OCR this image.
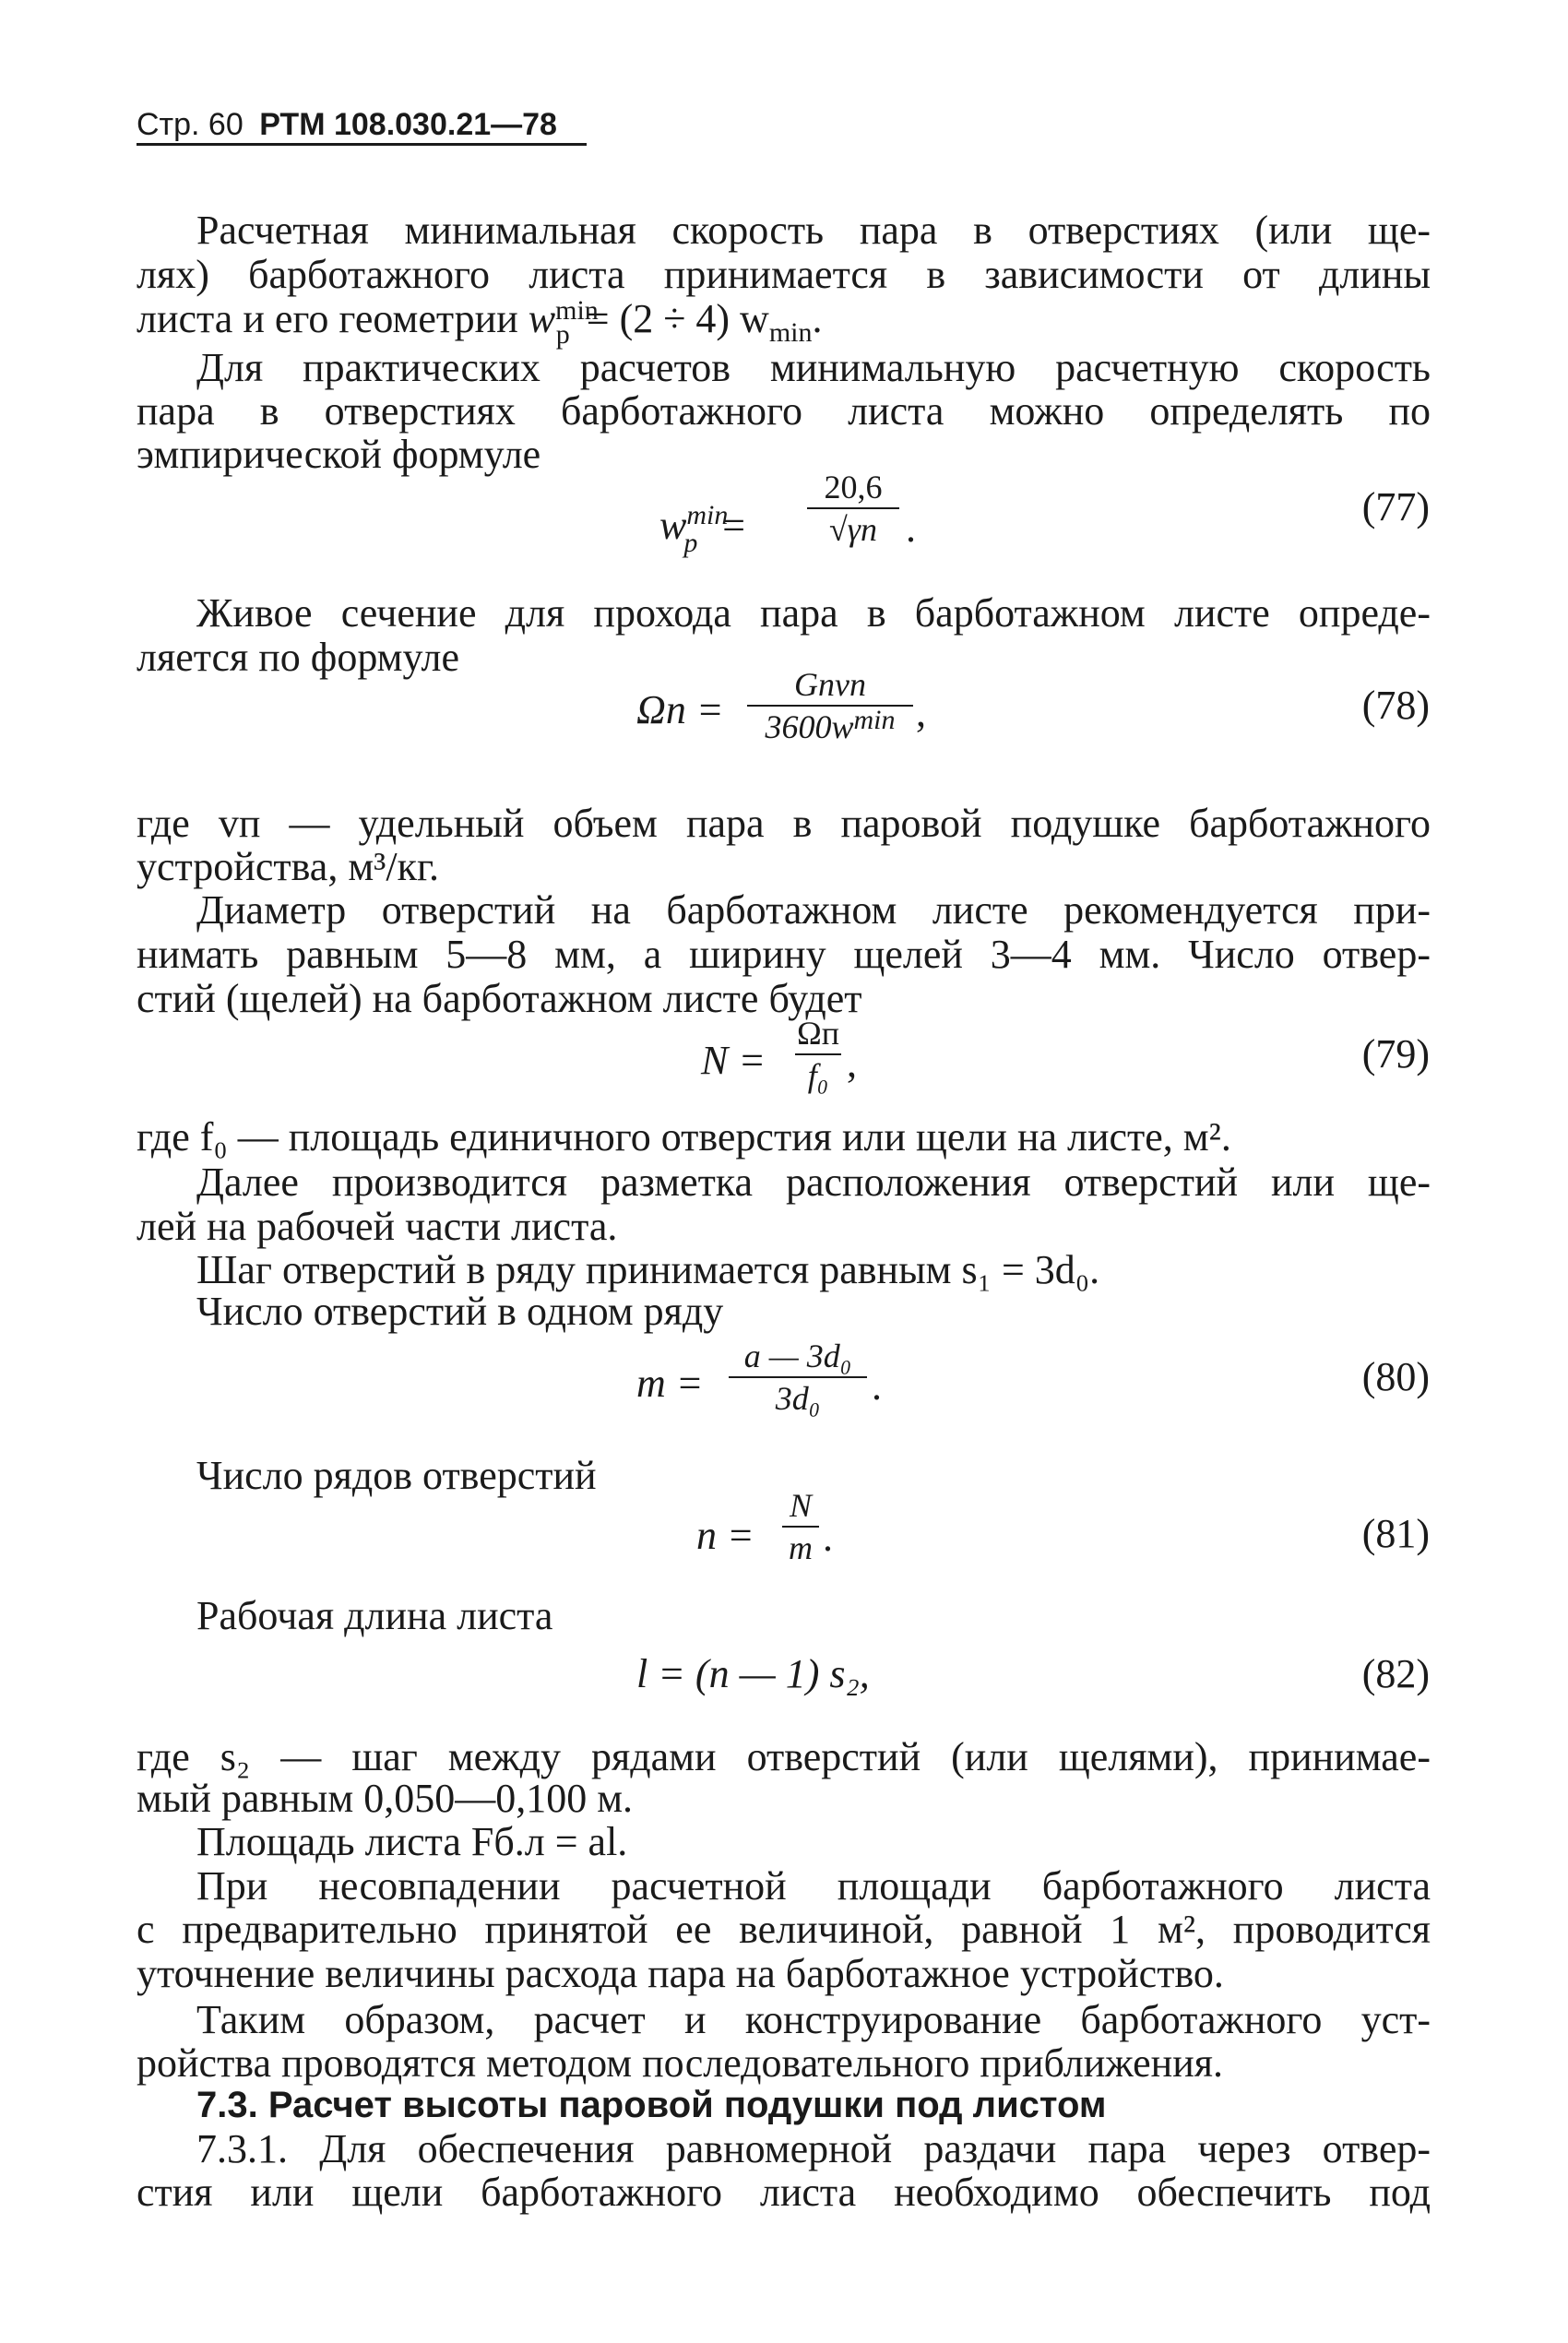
Стр. 60 РТМ 108.030.21—78
Расчетная минимальная скорость пара в отверстиях (или ще-
лях) барботажного листа принимается в зависимости от длины
листа и его геометрии $w^{min}_р = (2 \div 4)$ $w_{min}$.
Для практических расчетов минимальную расчетную скорость
пара в отверстиях барботажного листа можно определять по
эмпирической формуле
$w^{min}_р$ =
20,6
√γп .	(77)
Живое сечение для прохода пара в барботажном листе опреде-
ляется по формуле
Ωп =
Gпvп
$3600w^{min}$ ,	(78)
где vп — удельный объем пара в паровой подушке барботажного
устройства, м³/кг.
Диаметр отверстий на барботажном листе рекомендуется при-
нимать равным 5—8 мм, а ширину щелей 3—4 мм. Число отвер-
стий (щелей) на барботажном листе будет
N =
Ωп
f₀ ,	(79)
где f₀ — площадь единичного отверстия или щели на листе, м².
Далее производится разметка расположения отверстий или ще-
лей на рабочей части листа.
Шаг отверстий в ряду принимается равным s₁ = 3d₀.
Число отверстий в одном ряду
m =
a — 3d₀
3d₀	.	(80)
Число рядов отверстий
n =
N
m .	(81)
Рабочая длина листа
l = (n — 1) s₂,	(82)
где s₂ — шаг между рядами отверстий (или щелями), принимае-
мый равным 0,050—0,100 м.
Площадь листа Fб.л = al.
При несовпадении расчетной площади барботажного листа
с предварительно принятой ее величиной, равной 1 м², проводится
уточнение величины расхода пара на барботажное устройство.
Таким образом, расчет и конструирование барботажного уст-
ройства проводятся методом последовательного приближения.
7.3. Расчет высоты паровой подушки под листом
7.3.1. Для обеспечения равномерной раздачи пара через отвер-
стия или щели барботажного листа необходимо обеспечить под
